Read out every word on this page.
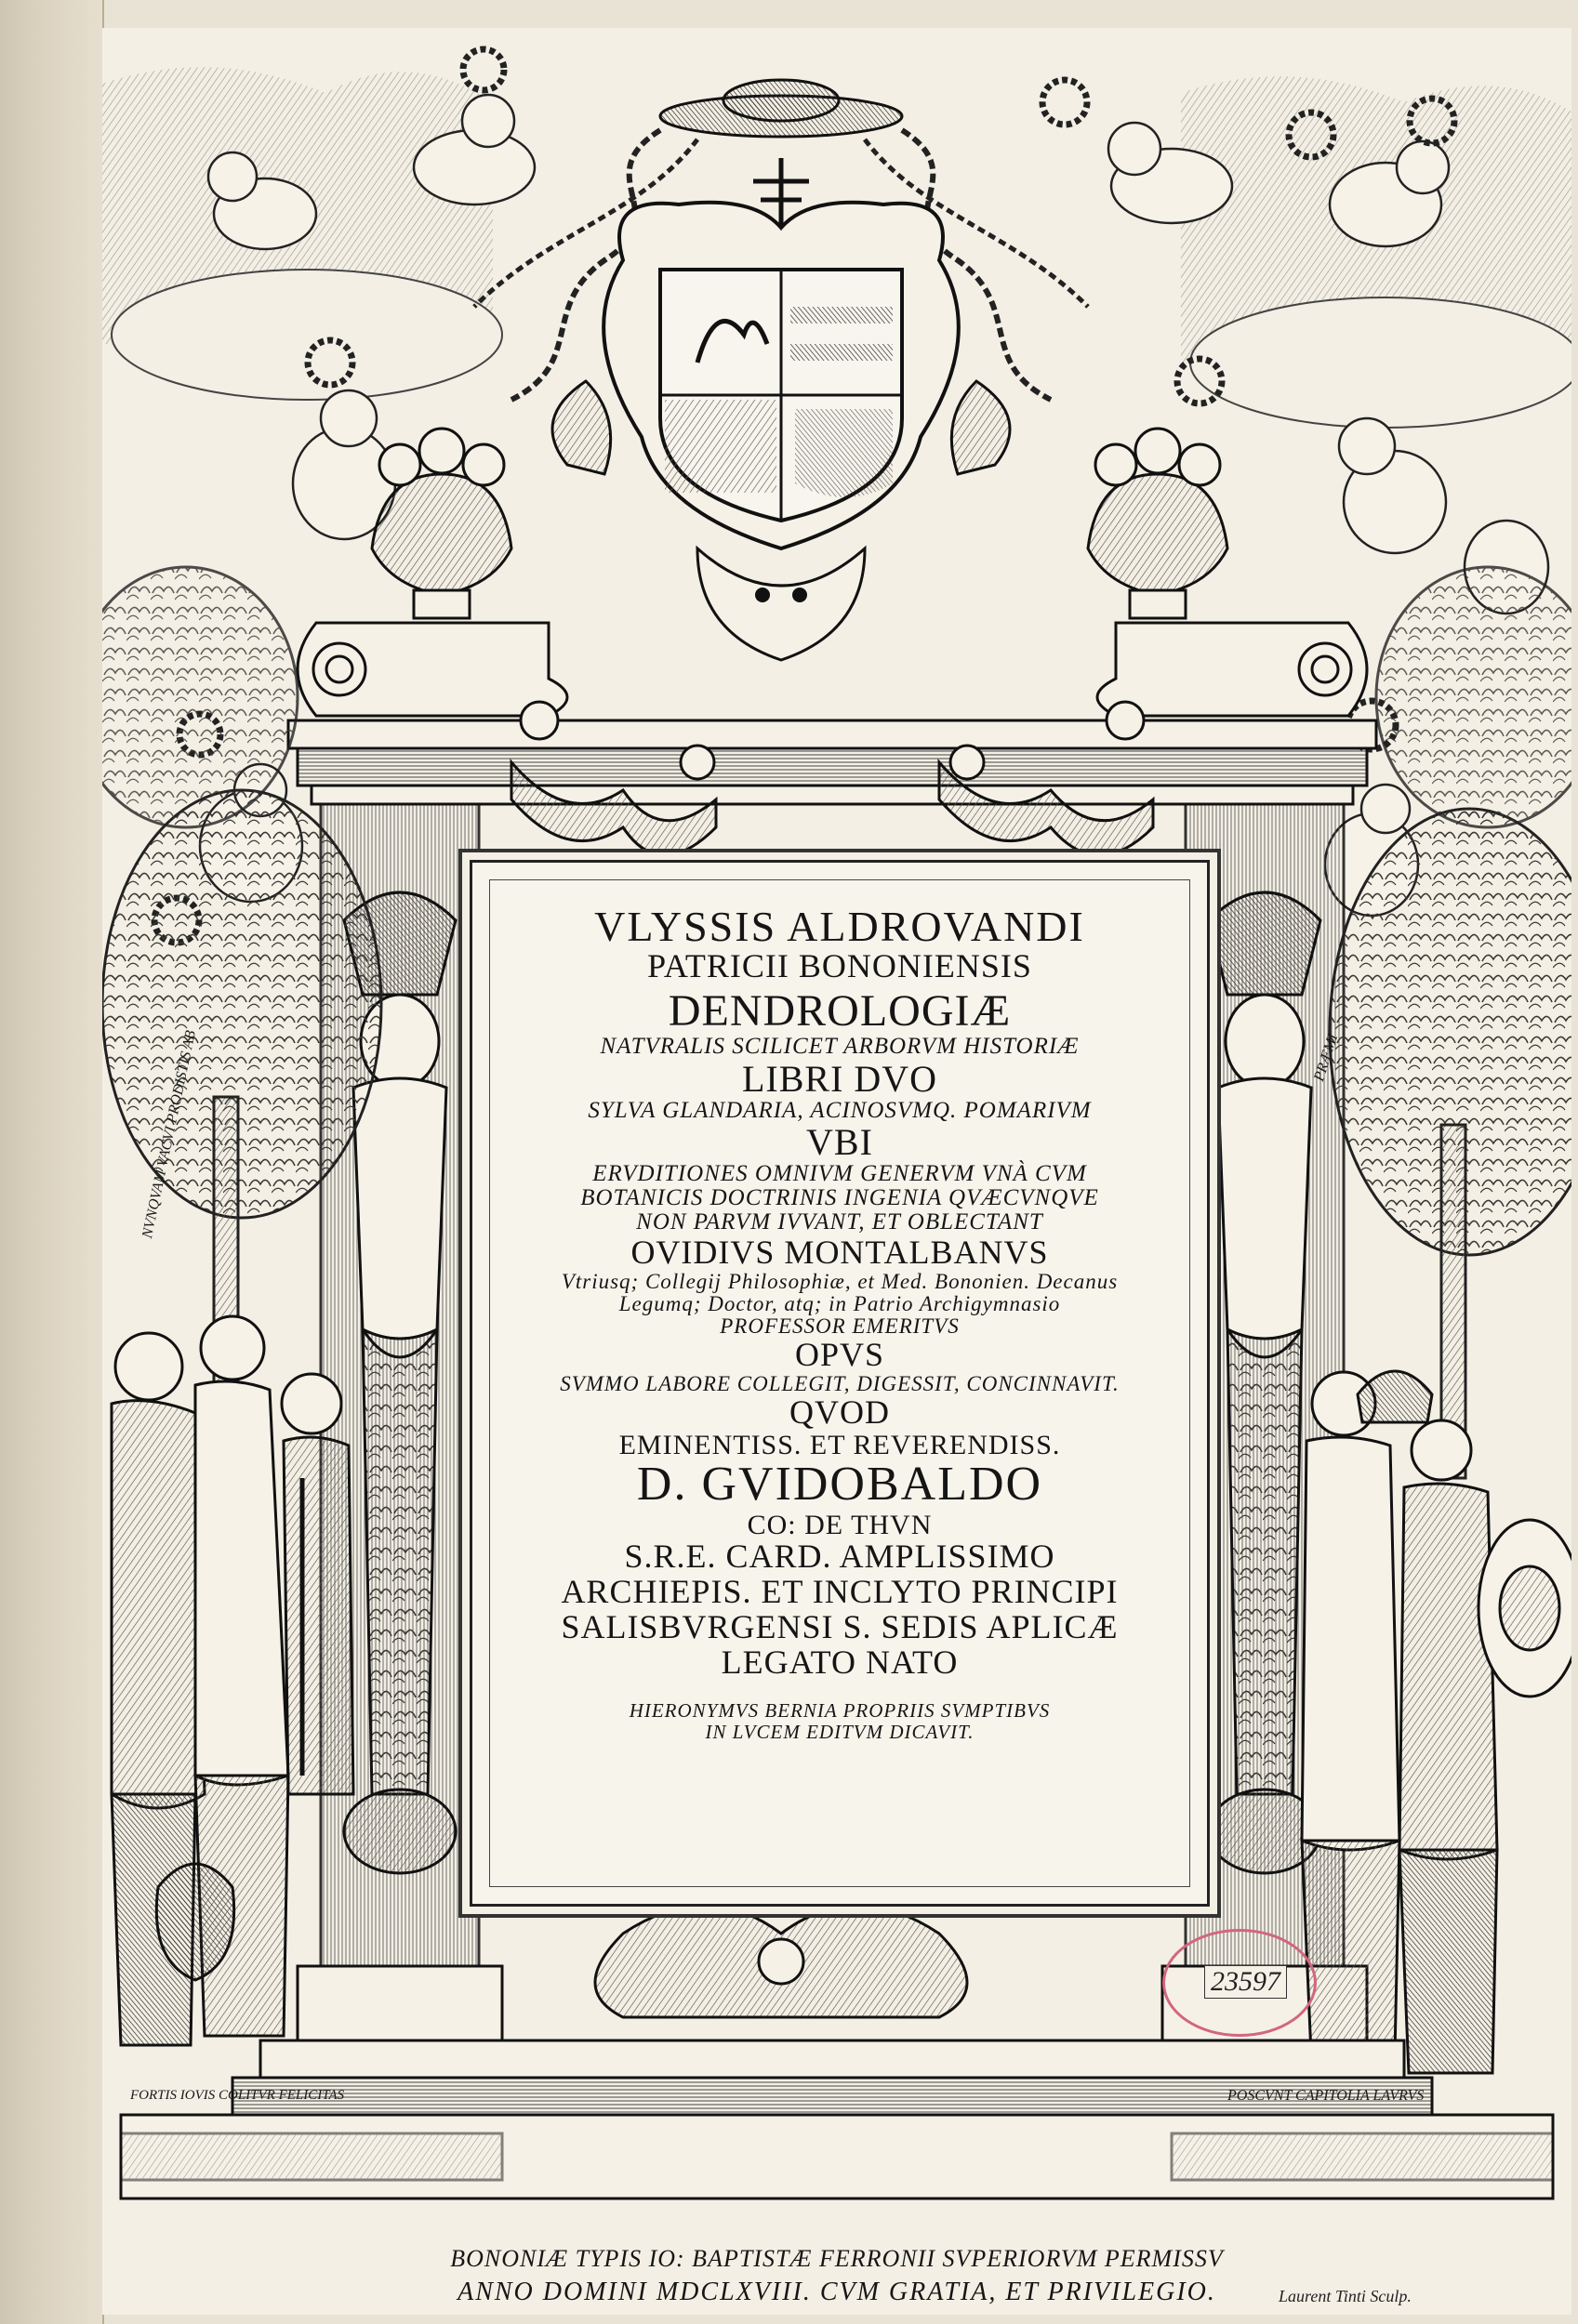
VLYSSIS ALDROVANDI
PATRICII BONONIENSIS
DENDROLOGIÆ
NATVRALIS SCILICET ARBORVM HISTORIÆ
LIBRI DVO
SYLVA GLANDARIA, ACINOSVMQ. POMARIVM
VBI
ERVDITIONES OMNIVM GENERVM VNÀ CVM
BOTANICIS DOCTRINIS INGENIA QVÆCVNQVE
NON PARVM IVVANT, ET OBLECTANT
OVIDIVS MONTALBANVS
Vtriusq; Collegij Philosophiæ, et Med. Bononien. Decanus
Legumq; Doctor, atq; in Patrio Archigymnasio
PROFESSOR EMERITVS
OPVS
SVMMO LABORE COLLEGIT, DIGESSIT, CONCINNAVIT.
QVOD
EMINENTISS. ET REVERENDISS.
D. GVIDOBALDO
CO: DE THVN
S.R.E. CARD. AMPLISSIMO
ARCHIEPIS. ET INCLYTO PRINCIPI
SALISBVRGENSI S. SEDIS APLICÆ
LEGATO NATO
HIERONYMVS BERNIA PROPRIIS SVMPTIBVS
IN LVCEM EDITVM DICAVIT.
NVNQVAM VACVI PRODISTIS AB	PRÆMI
FORTIS IOVIS COLITVR FELICITAS	POSCVNT CAPITOLIA LAVRVS
23597
BONONIÆ TYPIS IO: BAPTISTÆ FERRONII SVPERIORVM PERMISSV
ANNO DOMINI MDCLXVIII. CVM GRATIA, ET PRIVILEGIO.	Laurent Tinti Sculp.
